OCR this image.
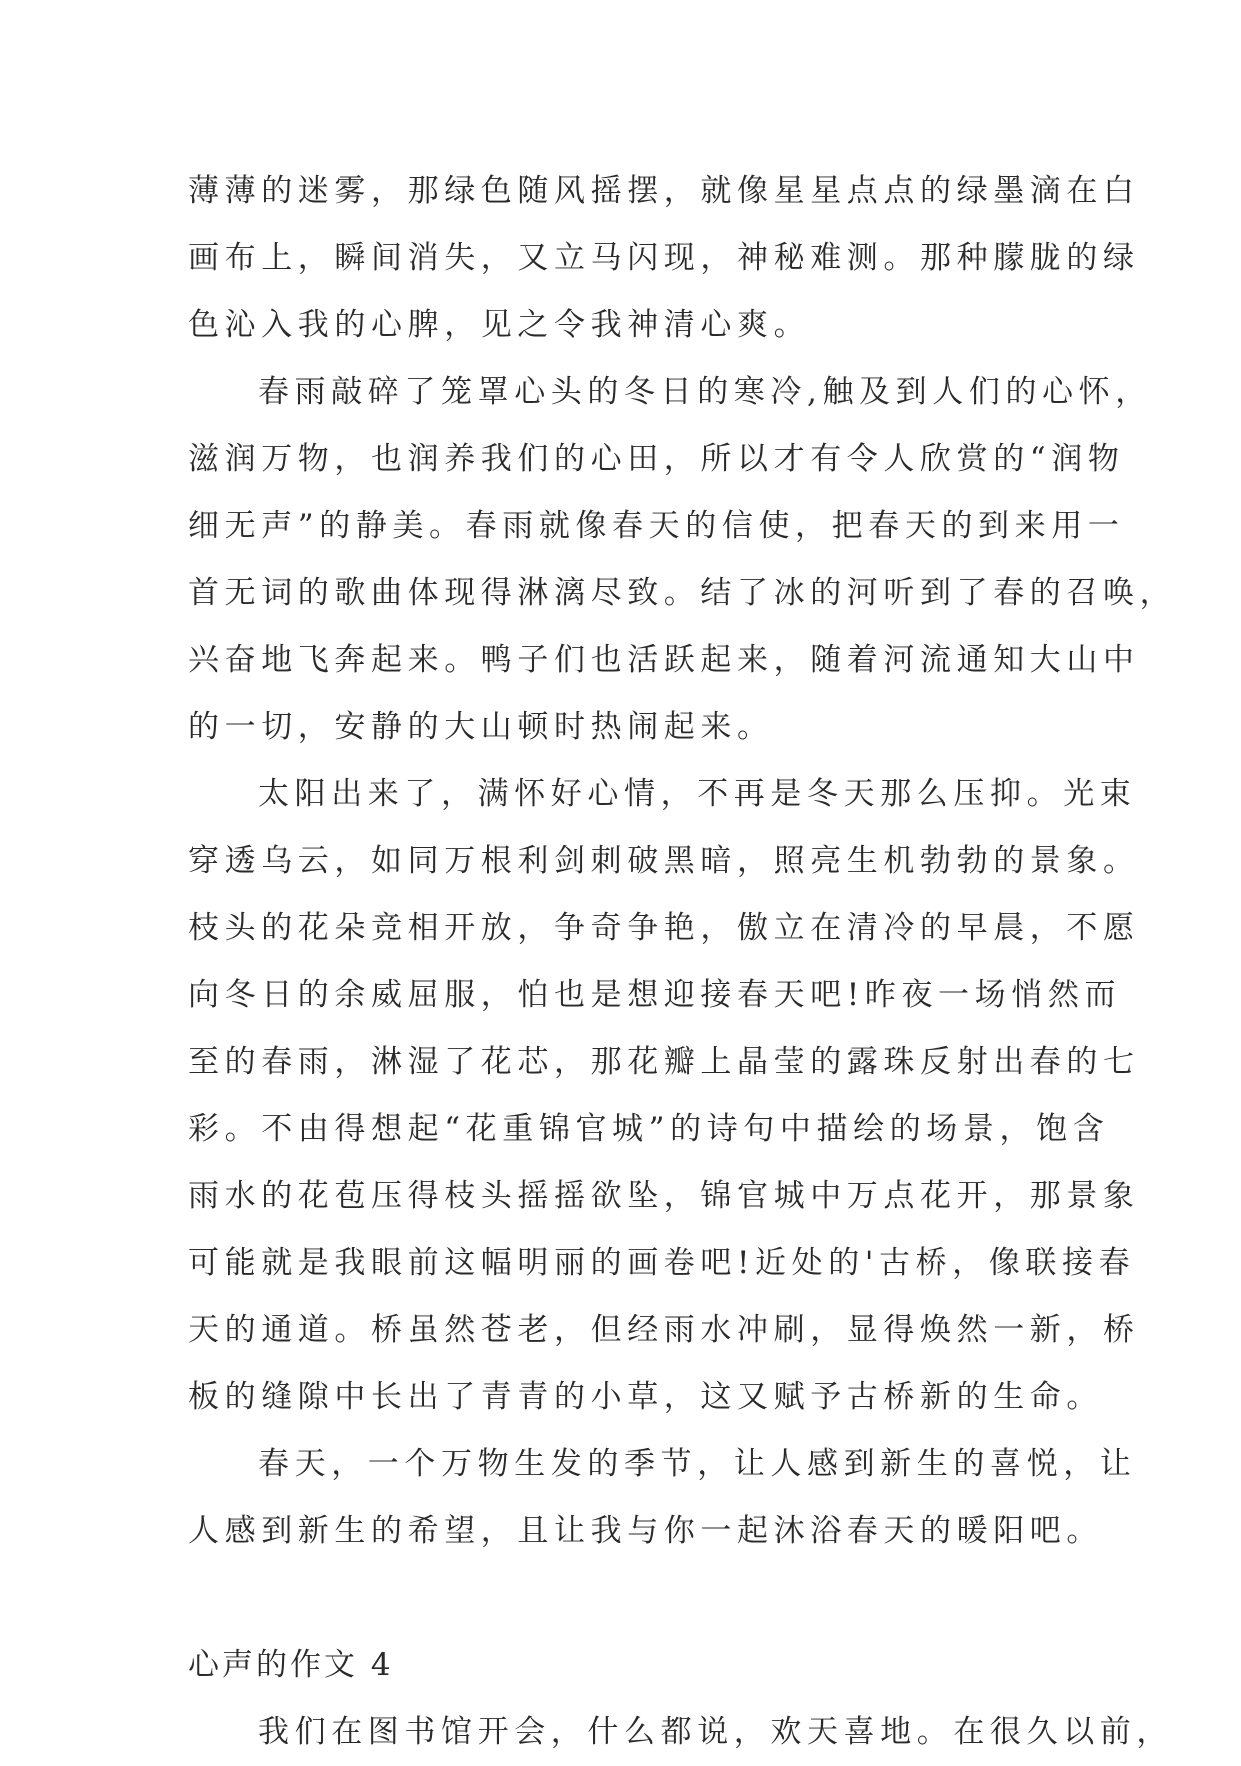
薄薄的迷雾，那绿色随风摇摆，就像星星点点的绿墨滴在白
画布上，瞬间消失，又立马闪现，神秘难测。那种朦胧的绿
色沁入我的心脾，见之令我神清心爽。
春雨敲碎了笼罩心头的冬日的寒冷,触及到人们的心怀，
滋润万物，也润养我们的心田，所以才有令人欣赏的“润物
细无声”的静美。春雨就像春天的信使，把春天的到来用一
首无词的歌曲体现得淋漓尽致。结了冰的河听到了春的召唤，
兴奋地飞奔起来。鸭子们也活跃起来，随着河流通知大山中
的一切，安静的大山顿时热闹起来。
太阳出来了，满怀好心情，不再是冬天那么压抑。光束
穿透乌云，如同万根利剑刺破黑暗，照亮生机勃勃的景象。
枝头的花朵竞相开放，争奇争艳，傲立在清冷的早晨，不愿
向冬日的余威屈服，怕也是想迎接春天吧!昨夜一场悄然而
至的春雨，淋湿了花芯，那花瓣上晶莹的露珠反射出春的七
彩。不由得想起“花重锦官城”的诗句中描绘的场景，饱含
雨水的花苞压得枝头摇摇欲坠，锦官城中万点花开，那景象
可能就是我眼前这幅明丽的画卷吧!近处的'古桥，像联接春
天的通道。桥虽然苍老，但经雨水冲刷，显得焕然一新，桥
板的缝隙中长出了青青的小草，这又赋予古桥新的生命。
春天，一个万物生发的季节，让人感到新生的喜悦，让
人感到新生的希望，且让我与你一起沐浴春天的暖阳吧。
心声的作文 4
我们在图书馆开会，什么都说，欢天喜地。在很久以前，
